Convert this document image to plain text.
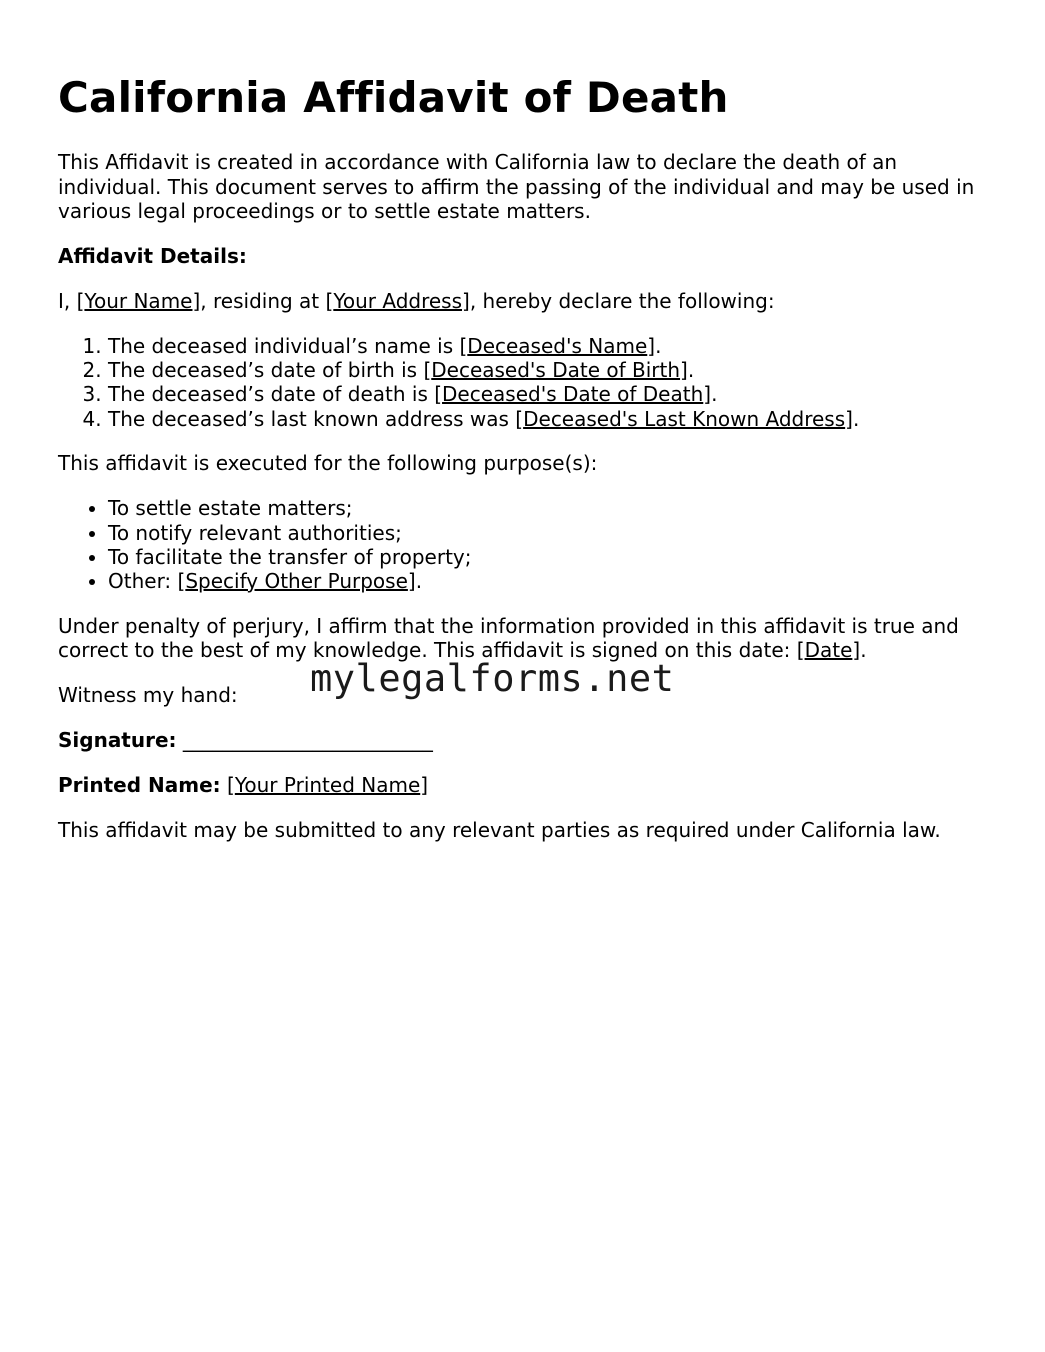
California Affidavit of Death

This Affidavit is created in accordance with California law to declare the death of an individual. This document serves to affirm the passing of the individual and may be used in various legal proceedings or to settle estate matters.

Affidavit Details:

I, [Your Name], residing at [Your Address], hereby declare the following:

1. The deceased individual’s name is [Deceased's Name].
2. The deceased’s date of birth is [Deceased's Date of Birth].
3. The deceased’s date of death is [Deceased's Date of Death].
4. The deceased’s last known address was [Deceased's Last Known Address].

This affidavit is executed for the following purpose(s):

• To settle estate matters;
• To notify relevant authorities;
• To facilitate the transfer of property;
• Other: [Specify Other Purpose].

Under penalty of perjury, I affirm that the information provided in this affidavit is true and correct to the best of my knowledge. This affidavit is signed on this date: [Date].

Witness my hand:

Signature: _________________________

Printed Name: [Your Printed Name]

This affidavit may be submitted to any relevant parties as required under California law.

mylegalforms.net
